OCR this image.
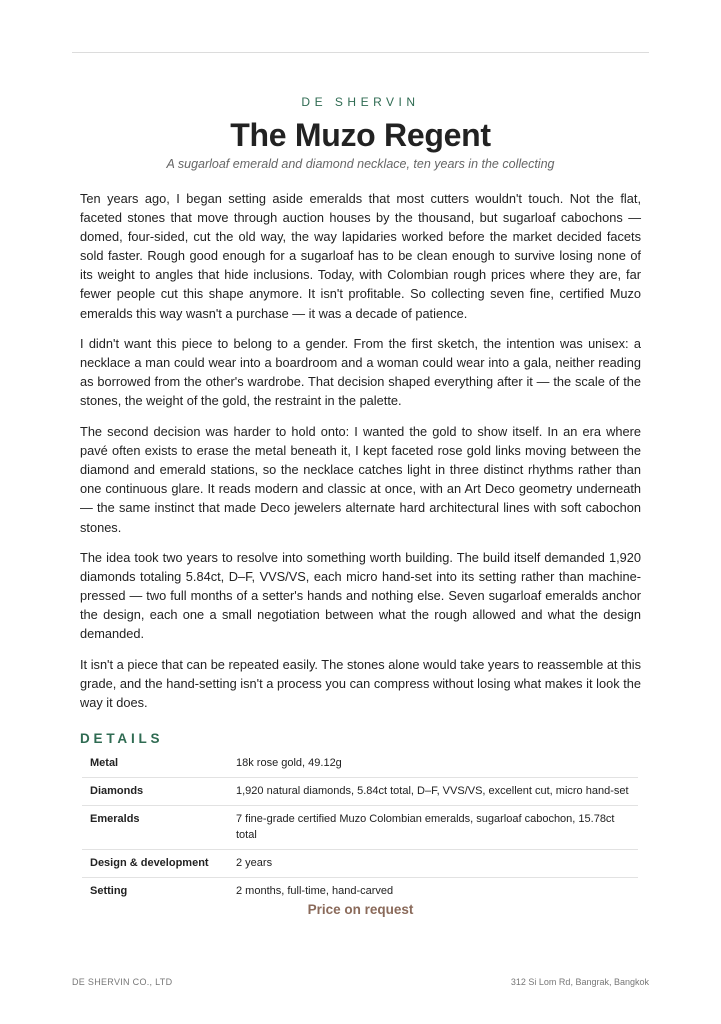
DE SHERVIN
The Muzo Regent
A sugarloaf emerald and diamond necklace, ten years in the collecting

Ten years ago, I began setting aside emeralds that most cutters wouldn't touch. Not the flat, faceted stones that move through auction houses by the thousand, but sugarloaf cabochons — domed, four-sided, cut the old way, the way lapidaries worked before the market decided facets sold faster. Rough good enough for a sugarloaf has to be clean enough to survive losing none of its weight to angles that hide inclusions. Today, with Colombian rough prices where they are, far fewer people cut this shape anymore. It isn't profitable. So collecting seven fine, certified Muzo emeralds this way wasn't a purchase — it was a decade of patience.

I didn't want this piece to belong to a gender. From the first sketch, the intention was unisex: a necklace a man could wear into a boardroom and a woman could wear into a gala, neither reading as borrowed from the other's wardrobe. That decision shaped everything after it — the scale of the stones, the weight of the gold, the restraint in the palette.

The second decision was harder to hold onto: I wanted the gold to show itself. In an era where pavé often exists to erase the metal beneath it, I kept faceted rose gold links moving between the diamond and emerald stations, so the necklace catches light in three distinct rhythms rather than one continuous glare. It reads modern and classic at once, with an Art Deco geometry underneath — the same instinct that made Deco jewelers alternate hard architectural lines with soft cabochon stones.

The idea took two years to resolve into something worth building. The build itself demanded 1,920 diamonds totaling 5.84ct, D–F, VVS/VS, each micro hand-set into its setting rather than machine-pressed — two full months of a setter's hands and nothing else. Seven sugarloaf emeralds anchor the design, each one a small negotiation between what the rough allowed and what the design demanded.

It isn't a piece that can be repeated easily. The stones alone would take years to reassemble at this grade, and the hand-setting isn't a process you can compress without losing what makes it look the way it does.

DETAILS
Metal	18k rose gold, 49.12g
Diamonds	1,920 natural diamonds, 5.84ct total, D–F, VVS/VS, excellent cut, micro hand-set
Emeralds	7 fine-grade certified Muzo Colombian emeralds, sugarloaf cabochon, 15.78ct total
Design & development	2 years
Setting	2 months, full-time, hand-carved
Price on request
DE SHERVIN CO., LTD	312 Si Lom Rd, Bangrak, Bangkok
